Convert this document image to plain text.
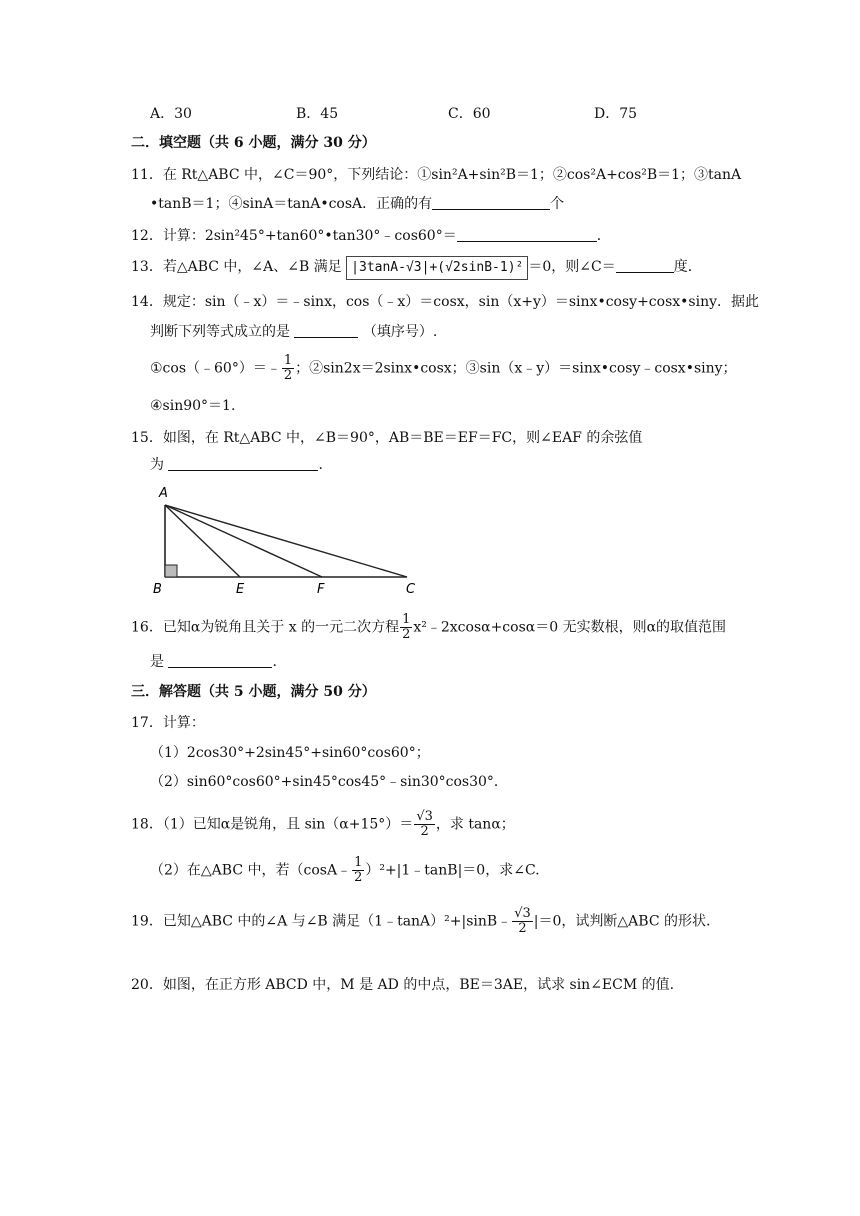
A．30	B．45	C．60	D．75
二．填空题（共 6 小题，满分 30 分）
11．在 Rt△ABC 中，∠C＝90°，下列结论：①sin²A+sin²B＝1；②cos²A+cos²B＝1；③tanA
•tanB＝1；④sinA＝tanA•cosA．正确的有	个
12．计算：2sin²45°+tan60°•tan30°﹣cos60°＝	．
13．若△ABC 中，∠A、∠B 满足 |3tanA-√3|+(√2sinB-1)² ＝0，则∠C＝	度．
14．规定：sin（﹣x）＝﹣sinx，cos（﹣x）＝cosx，sin（x+y）＝sinx•cosy+cosx•siny．据此
判断下列等式成立的是	（填序号）.
①cos（﹣60°）＝﹣ $\frac{1}{2}$ ；②sin2x＝2sinx•cosx；③sin（x﹣y）＝sinx•cosy﹣cosx•siny；
④sin90°＝1.
15．如图，在 Rt△ABC 中，∠B＝90°，AB＝BE＝EF＝FC，则∠EAF 的余弦值
为	.
A
B	E	F	C
16．已知α为锐角且关于 x 的一元二次方程 $\frac{1}{2}$ x²﹣2xcosα+cosα＝0 无实数根，则α的取值范围
是	.
三．解答题（共 5 小题，满分 50 分）
17．计算：
（1）2cos30°+2sin45°+sin60°cos60°；
（2）sin60°cos60°+sin45°cos45°﹣sin30°cos30°．
18．（1）已知α是锐角，且 $\sin(\alpha+15^\circ)= \frac{√3}{2}$ ，求 tanα；
（2）在△ABC 中，若（cosA﹣ $\frac{1}{2}$ ）²+|1﹣tanB|＝0，求∠C.
19．已知△ABC 中的∠A 与∠B 满足（1﹣tanA）²+|sinB﹣ $\frac{√3}{2} |=0$，试判断△ABC 的形状.
20．如图，在正方形 ABCD 中，M 是 AD 的中点，BE＝3AE，试求 sin∠ECM 的值.
